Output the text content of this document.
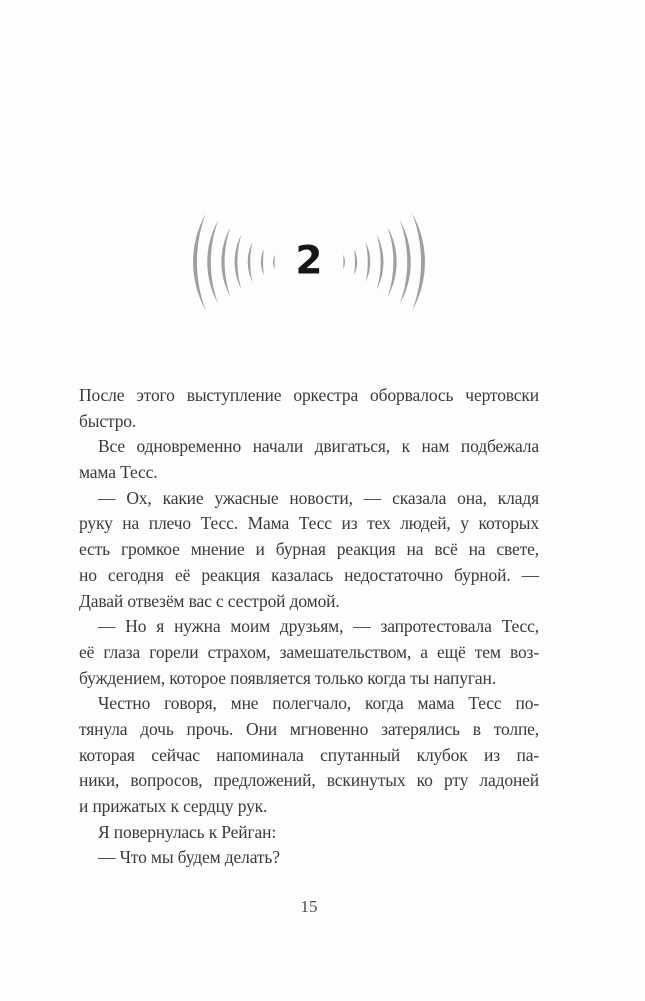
2
После этого выступление оркестра оборвалось чертовски
быстро.
Все одновременно начали двигаться, к нам подбежала
мама Тесс.
— Ох, какие ужасные новости, — сказала она, кладя
руку на плечо Тесс. Мама Тесс из тех людей, у которых
есть громкое мнение и бурная реакция на всё на свете,
но сегодня её реакция казалась недостаточно бурной. —
Давай отвезём вас с сестрой домой.
— Но я нужна моим друзьям, — запротестовала Тесс,
её глаза горели страхом, замешательством, а ещё тем воз-
буждением, которое появляется только когда ты напуган.
Честно говоря, мне полегчало, когда мама Тесс по-
тянула дочь прочь. Они мгновенно затерялись в толпе,
которая сейчас напоминала спутанный клубок из па-
ники, вопросов, предложений, вскинутых ко рту ладоней
и прижатых к сердцу рук.
Я повернулась к Рейган:
— Что мы будем делать?
15
